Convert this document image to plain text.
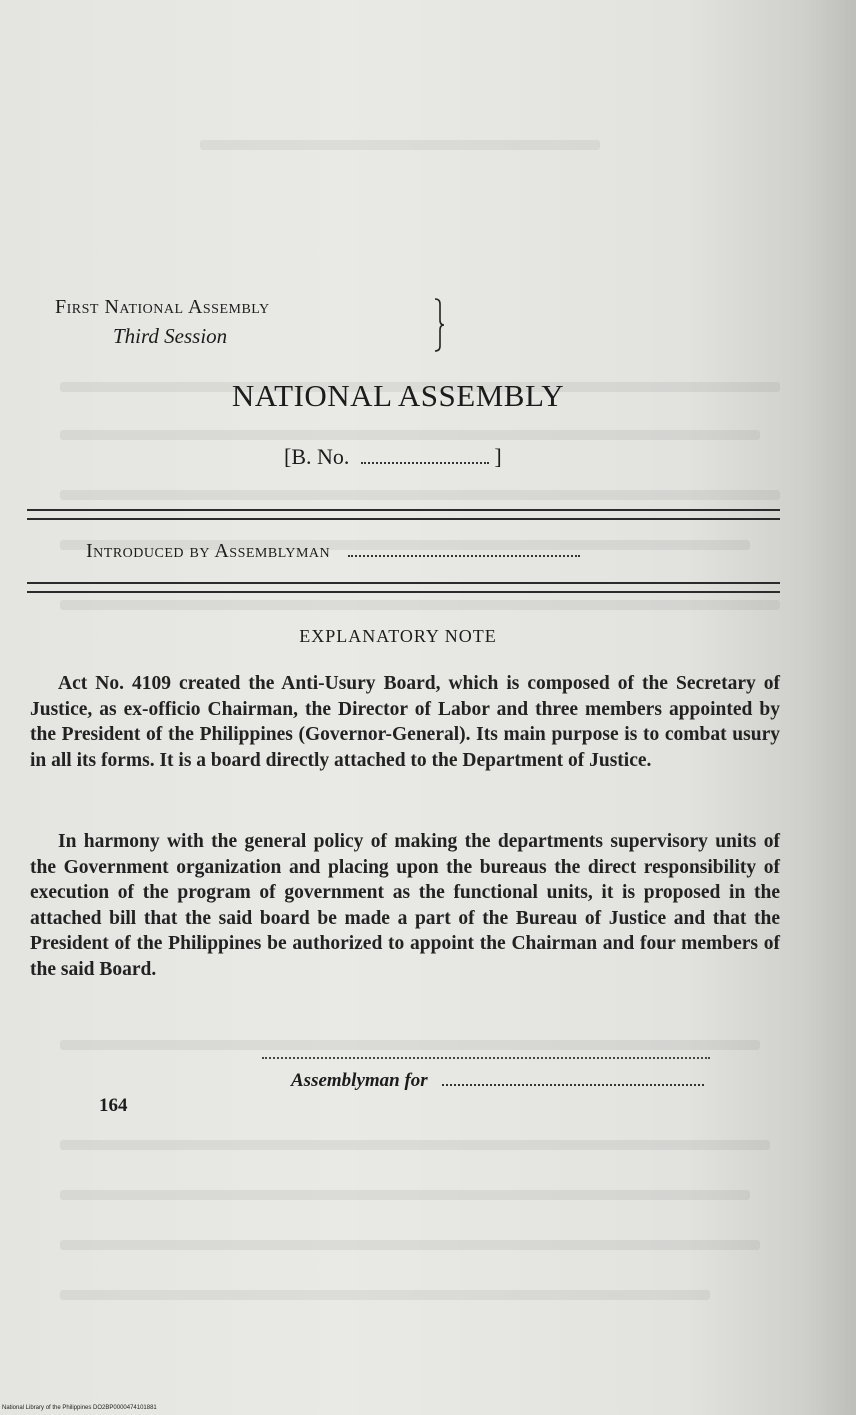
First National Assembly
Third Session
NATIONAL ASSEMBLY
[B. No.	]
Introduced by Assemblyman
EXPLANATORY NOTE

Act No. 4109 created the Anti-Usury Board, which is composed of the Secretary of Justice, as ex-officio Chairman, the Director of Labor and three members appointed by the President of the Philippines (Governor-General). Its main purpose is to combat usury in all its forms. It is a board directly attached to the Department of Justice.

In harmony with the general policy of making the departments supervisory units of the Government organization and placing upon the bureaus the direct responsibility of execution of the program of government as the functional units, it is proposed in the attached bill that the said board be made a part of the Bureau of Justice and that the President of the Philippines be authorized to appoint the Chairman and four members of the said Board.

Assemblyman for
164
National Library of the Philippines DO2BP0000474101881
